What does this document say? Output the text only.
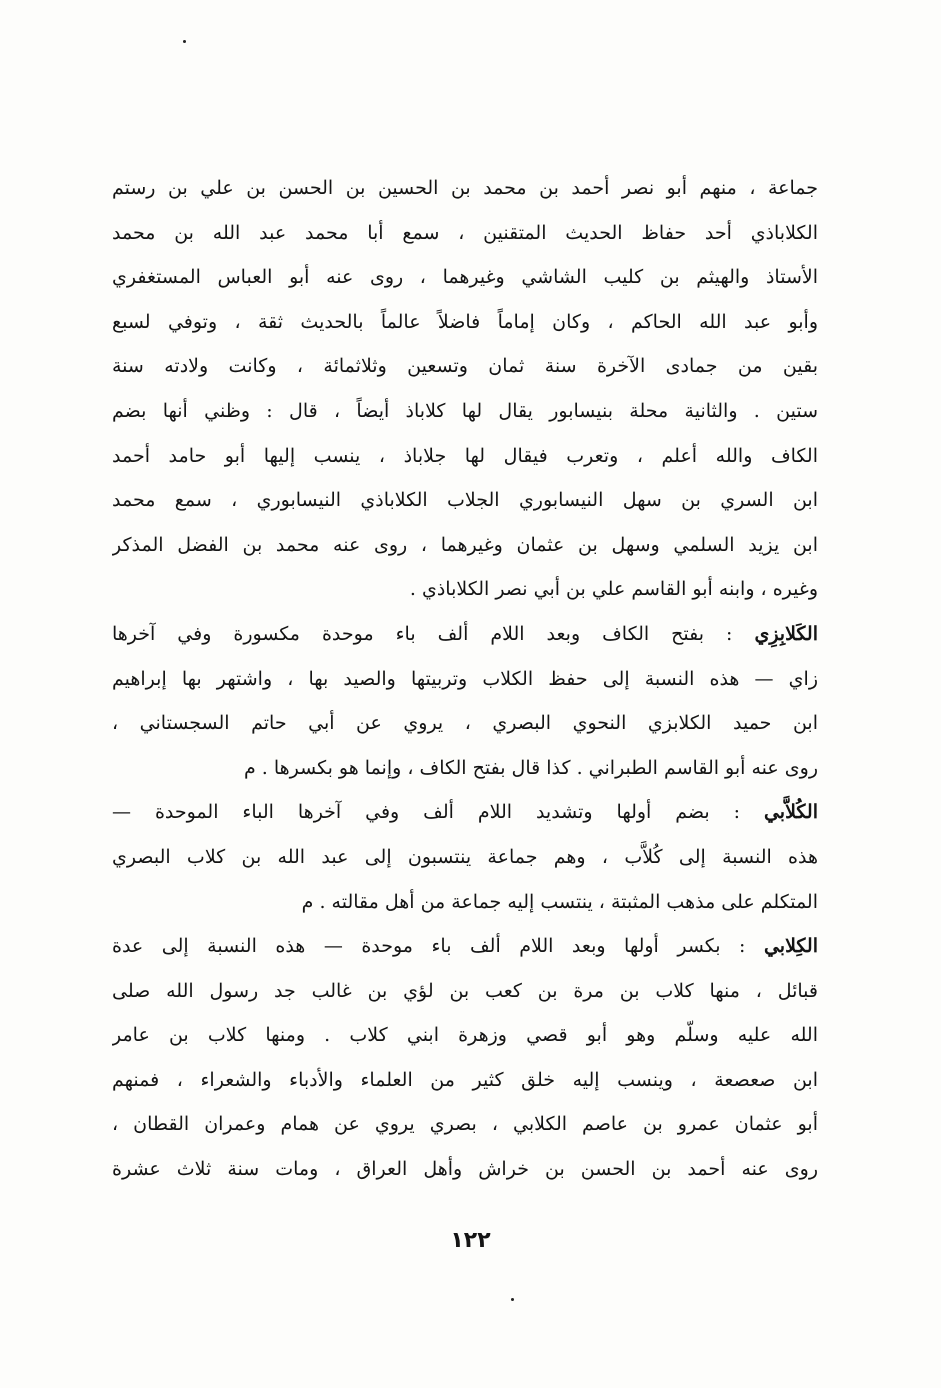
جماعة ، منهم أبو نصر أحمد بن محمد بن الحسين بن الحسن بن علي بن رستم
الكلاباذي أحد حفاظ الحديث المتقنين ، سمع أبا محمد عبد الله بن محمد
الأستاذ والهيثم بن كليب الشاشي وغيرهما ، روى عنه أبو العباس المستغفري
وأبو عبد الله الحاكم ، وكان إماماً فاضلاً عالماً بالحديث ثقة ، وتوفي لسبع
بقين من جمادى الآخرة سنة ثمان وتسعين وثلاثمائة ، وكانت ولادته سنة
ستين . والثانية محلة بنيسابور يقال لها كلاباذ أيضاً ، قال : وظني أنها بضم
الكاف والله أعلم ، وتعرب فيقال لها جلاباذ ، ينسب إليها أبو حامد أحمد
ابن السري بن سهل النيسابوري الجلاب الكلاباذي النيسابوري ، سمع محمد
ابن يزيد السلمي وسهل بن عثمان وغيرهما ، روى عنه محمد بن الفضل المذكر
وغيره ، وابنه أبو القاسم علي بن أبي نصر الكلاباذي .
الكَلابِزِي : بفتح الكاف وبعد اللام ألف باء موحدة مكسورة وفي آخرها
زاي — هذه النسبة إلى حفظ الكلاب وتربيتها والصيد بها ، واشتهر بها إبراهيم
ابن حميد الكلابزي النحوي البصري ، يروي عن أبي حاتم السجستاني ،
روى عنه أبو القاسم الطبراني . كذا قال بفتح الكاف ، وإنما هو بكسرها . م
الكُلاَّبي : بضم أولها وتشديد اللام ألف وفي آخرها الباء الموحدة —
هذه النسبة إلى كُلاَّب ، وهم جماعة ينتسبون إلى عبد الله بن كلاب البصري
المتكلم على مذهب المثبتة ، ينتسب إليه جماعة من أهل مقالته . م
الكِلابي : بكسر أولها وبعد اللام ألف باء موحدة — هذه النسبة إلى عدة
قبائل ، منها كلاب بن مرة بن كعب بن لؤي بن غالب جد رسول الله صلى
الله عليه وسلّم وهو أبو قصي وزهرة ابني كلاب . ومنها كلاب بن عامر
ابن صعصعة ، وينسب إليه خلق كثير من العلماء والأدباء والشعراء ، فمنهم
أبو عثمان عمرو بن عاصم الكلابي ، بصري يروي عن همام وعمران القطان ،
روى عنه أحمد بن الحسن بن خراش وأهل العراق ، ومات سنة ثلاث عشرة
١٢٢
